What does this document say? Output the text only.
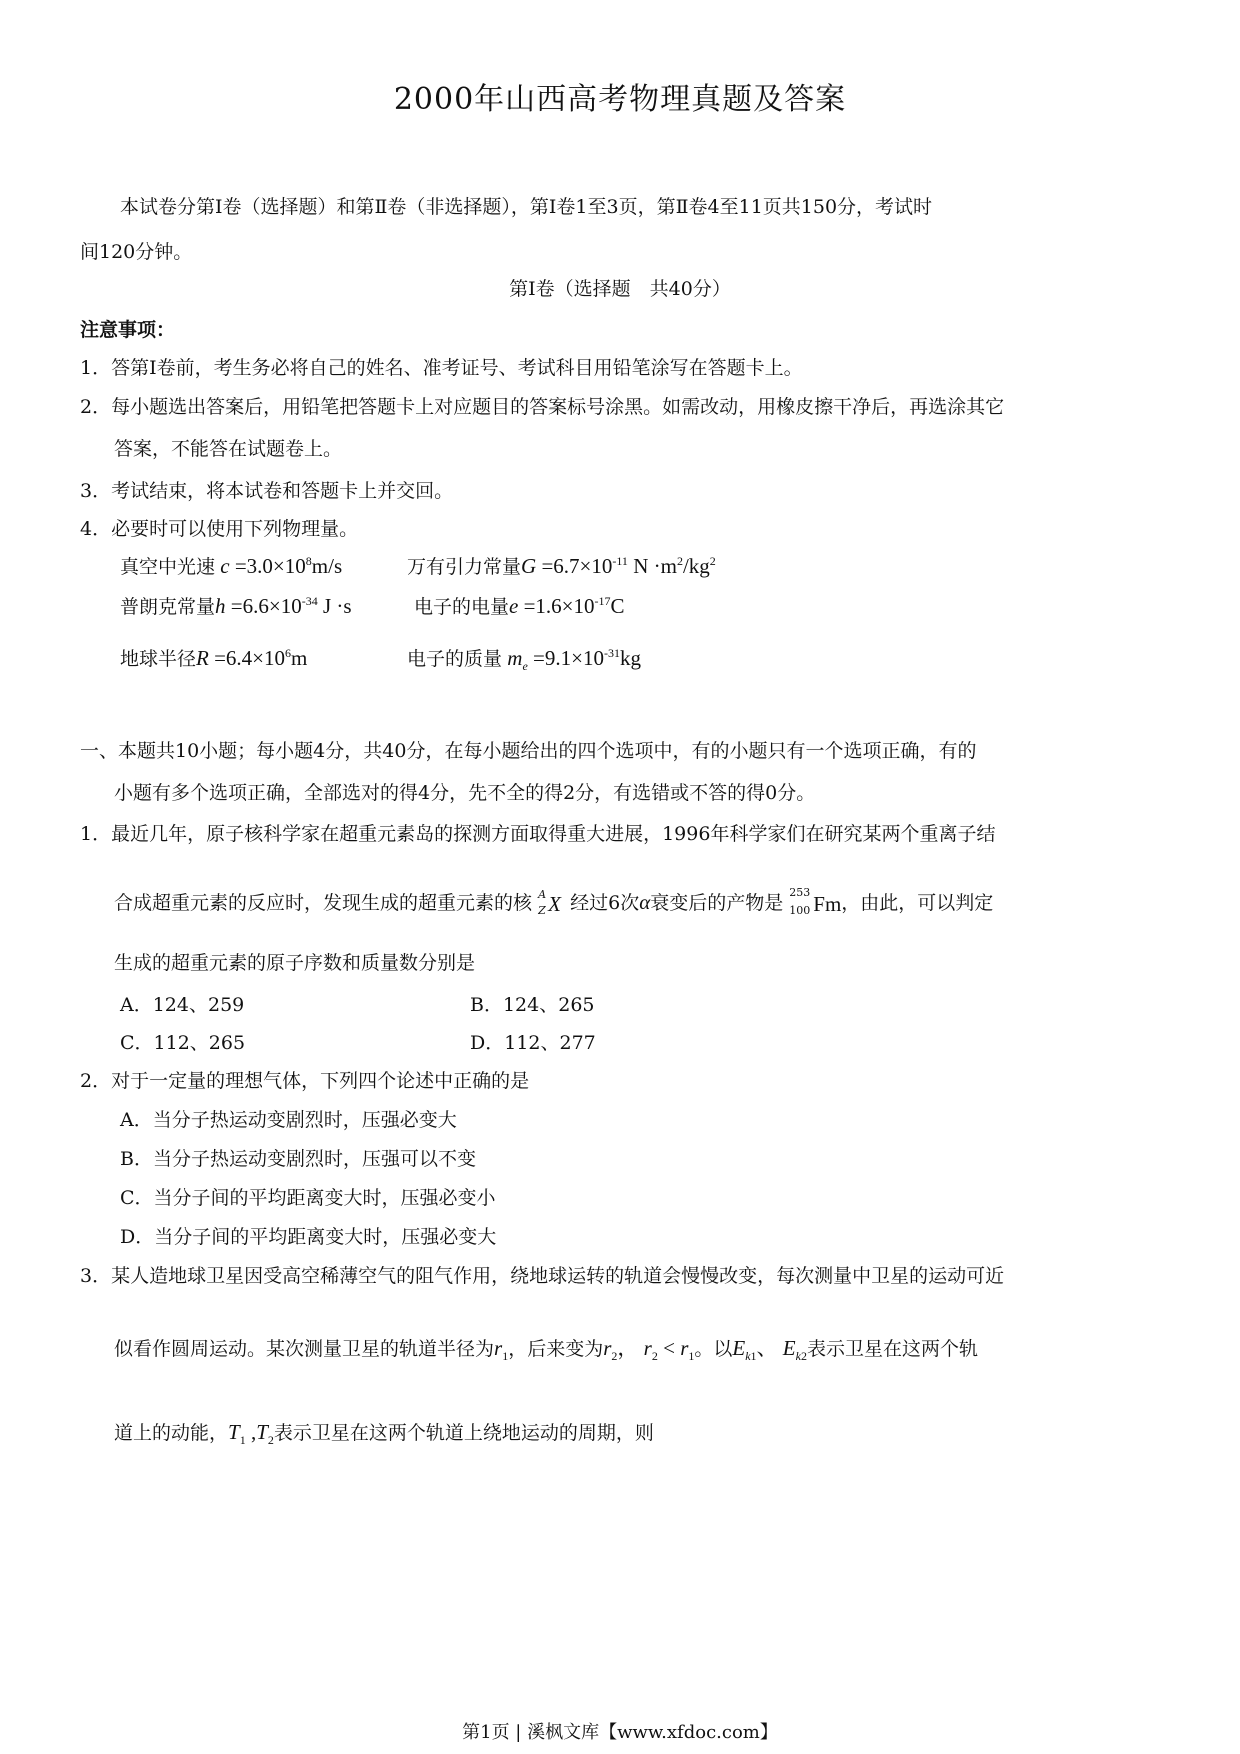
2000年山西高考物理真题及答案
本试卷分第Ⅰ卷（选择题）和第Ⅱ卷（非选择题），第Ⅰ卷1至3页，第Ⅱ卷4至11页共150分，考试时
间120分钟。
第Ⅰ卷（选择题　共40分）
注意事项：
1．答第Ⅰ卷前，考生务必将自己的姓名、准考证号、考试科目用铅笔涂写在答题卡上。
2．每小题选出答案后，用铅笔把答题卡上对应题目的答案标号涂黑。如需改动，用橡皮擦干净后，再选涂其它
答案，不能答在试题卷上。
3．考试结束，将本试卷和答题卡上并交回。
4．必要时可以使用下列物理量。
真空中光速 $c =3.0\times 10^8m/s$	万有引力常量$G =6.7\times 10^{-11}$ $N \cdot m^2/kg^2$
普朗克常量$h =6.6\times 10^{-34}$ J ·s	电子的电量$e =1.6\times 10^{-17}C$
地球半径$R =6.4\times 10^6m$	电子的质量 $m_e =9.1\times 10^{-31}kg$
一、本题共10小题；每小题4分，共40分，在每小题给出的四个选项中，有的小题只有一个选项正确，有的
小题有多个选项正确，全部选对的得4分，先不全的得2分，有选错或不答的得0分。
1．最近几年，原子核科学家在超重元素岛的探测方面取得重大进展，1996年科学家们在研究某两个重离子结
合成超重元素的反应时，发现生成的超重元素的核 A
Z X 经过6次α衰变后的产物是 253
100 Fm ，由此，可以判定
生成的超重元素的原子序数和质量数分别是
A．124、259	B．124、265
C．112、265	D．112、277
2．对于一定量的理想气体，下列四个论述中正确的是
A．当分子热运动变剧烈时，压强必变大
B．当分子热运动变剧烈时，压强可以不变
C．当分子间的平均距离变大时，压强必变小
D．当分子间的平均距离变大时，压强必变大
3．某人造地球卫星因受高空稀薄空气的阻气作用，绕地球运转的轨道会慢慢改变，每次测量中卫星的运动可近
似看作圆周运动。某次测量卫星的轨道半径为$r_1$，后来变为$r_2$， $r_2 < r_1$。以$E_{k1}$、 $E_{k2}$表示卫星在这两个轨
道上的动能，$T_1$ $,T_2$表示卫星在这两个轨道上绕地运动的周期，则
第1页 | 溪枫文库【www.xfdoc.com】
